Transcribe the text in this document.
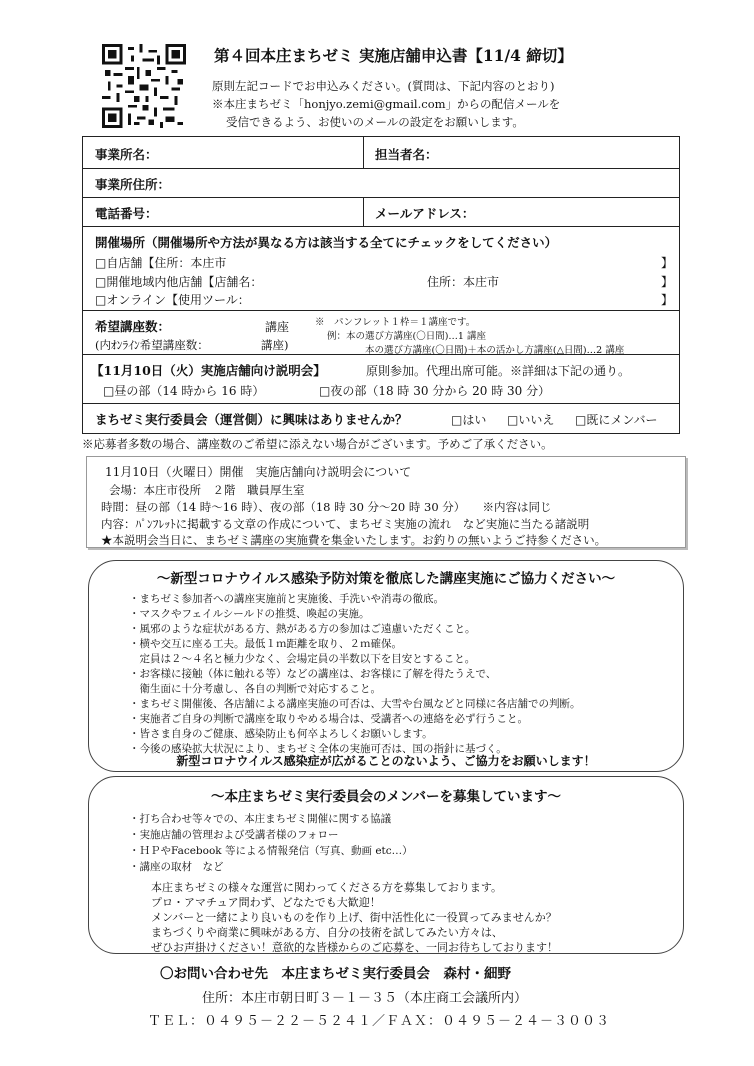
第４回本庄まちゼミ 実施店舗申込書【11/4 締切】
原則左記コードでお申込みください。(質問は、下記内容のとおり)
※本庄まちゼミ「honjyo.zemi@gmail.com」からの配信メールを
受信できるよう、お使いのメールの設定をお願いします。
事業所名：	担当者名：
事業所住所：
電話番号：	メールアドレス：
開催場所（開催場所や方法が異なる方は該当する全てにチェックをしてください）
□自店舗【住所：本庄市	】
□開催地域内他店舗【店舗名：	住所：本庄市	】
□オンライン【使用ツール：	】
希望講座数：	講座
(内ｵﾝﾗｲﾝ希望講座数：	講座)
※　パンフレット１枠＝１講座です。
例：本の選び方講座(〇日間)…1 講座
本の選び方講座(〇日間)＋本の活かし方講座(△日間)…2 講座
【11月10日（火）実施店舗向け説明会】	原則参加。代理出席可能。※詳細は下記の通り。
□昼の部（14 時から 16 時）	□夜の部（18 時 30 分から 20 時 30 分）
まちゼミ実行委員会（運営側）に興味はありませんか？	□はい □いいえ □既にメンバー
※応募者多数の場合、講座数のご希望に添えない場合がございます。予めご了承ください。
11月10日（火曜日）開催　実施店舗向け説明会について
会場：本庄市役所　２階　職員厚生室
時間：昼の部（14 時～16 時）、夜の部（18 時 30 分～20 時 30 分）　　※内容は同じ
内容：ﾊﾟﾝﾌﾚｯﾄに掲載する文章の作成について、まちゼミ実施の流れ　など実施に当たる諸説明
★本説明会当日に、まちゼミ講座の実施費を集金いたします。お釣りの無いようご持参ください。
～新型コロナウイルス感染予防対策を徹底した講座実施にご協力ください～
・まちゼミ参加者への講座実施前と実施後、手洗いや消毒の徹底。
・マスクやフェイルシールドの推奨、喚起の実施。
・風邪のような症状がある方、熱がある方の参加はご遠慮いただくこと。
・横や交互に座る工夫。最低１ｍ距離を取り、２ｍ確保。
　定員は２～４名と極力少なく、会場定員の半数以下を目安とすること。
・お客様に接触（体に触れる等）などの講座は、お客様に了解を得たうえで、
　衛生面に十分考慮し、各自の判断で対応すること。
・まちゼミ開催後、各店舗による講座実施の可否は、大雪や台風などと同様に各店舗での判断。
・実施者ご自身の判断で講座を取りやめる場合は、受講者への連絡を必ず行うこと。
・皆さま自身のご健康、感染防止も何卒よろしくお願いします。
・今後の感染拡大状況により、まちゼミ全体の実施可否は、国の指針に基づく。
新型コロナウイルス感染症が広がることのないよう、ご協力をお願いします！
～本庄まちゼミ実行委員会のメンバーを募集しています～
・打ち合わせ等々での、本庄まちゼミ開催に関する協議
・実施店舗の管理および受講者様のフォロー
・ＨＰやFacebook 等による情報発信（写真、動画 etc…）
・講座の取材　など
本庄まちゼミの様々な運営に関わってくださる方を募集しております。
プロ・アマチュア問わず、どなたでも大歓迎！
メンバーと一緒により良いものを作り上げ、街中活性化に一役買ってみませんか？
まちづくりや商業に興味がある方、自分の技術を試してみたい方々は、
ぜひお声掛けください！意欲的な皆様からのご応募を、一同お待ちしております！
〇お問い合わせ先　本庄まちゼミ実行委員会　森村・細野
住所：本庄市朝日町３－１－３５（本庄商工会議所内）
ＴＥＬ：０４９５－２２－５２４１／ＦＡＸ：０４９５－２４－３００３
